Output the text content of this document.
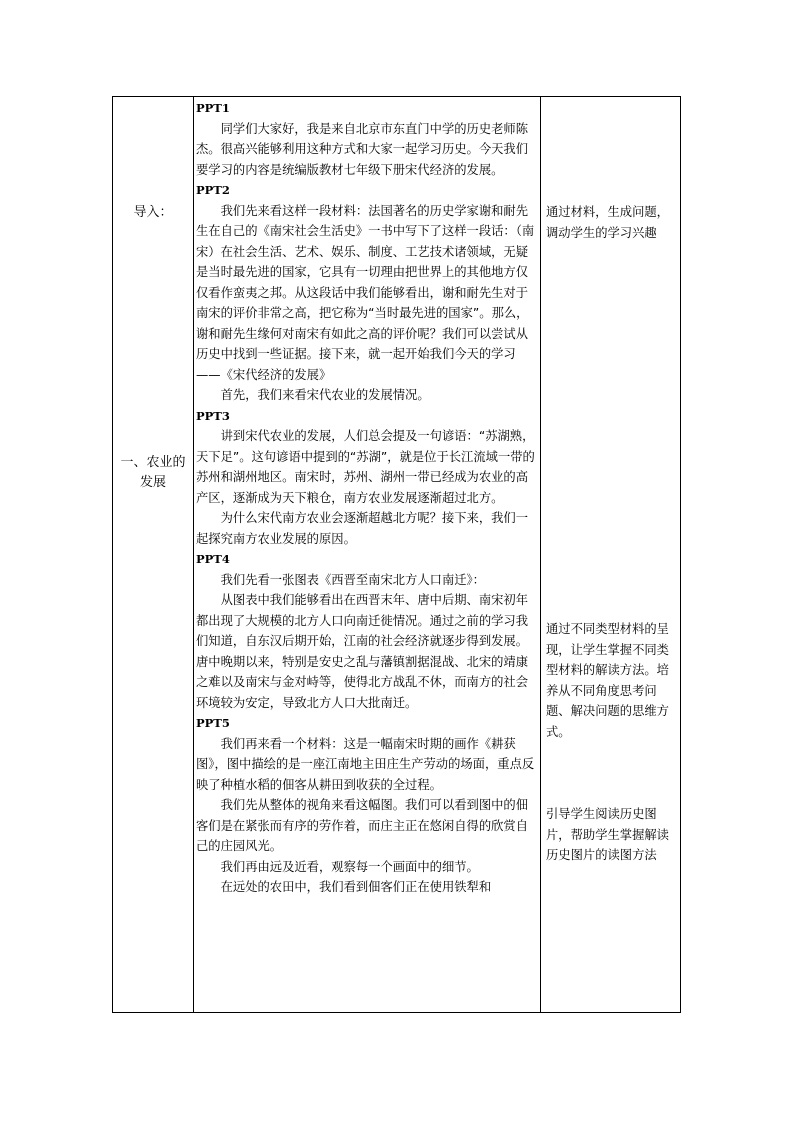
导入：
一、农业的发展

PPT1

同学们大家好，我是来自北京市东直门中学的历史老师陈杰。很高兴能够利用这种方式和大家一起学习历史。今天我们要学习的内容是统编版教材七年级下册宋代经济的发展。

PPT2

我们先来看这样一段材料：法国著名的历史学家谢和耐先生在自己的《南宋社会生活史》一书中写下了这样一段话：（南宋）在社会生活、艺术、娱乐、制度、工艺技术诸领域，无疑是当时最先进的国家，它具有一切理由把世界上的其他地方仅仅看作蛮夷之邦。从这段话中我们能够看出，谢和耐先生对于南宋的评价非常之高，把它称为“当时最先进的国家”。那么，谢和耐先生缘何对南宋有如此之高的评价呢？我们可以尝试从历史中找到一些证据。接下来，就一起开始我们今天的学习——《宋代经济的发展》

首先，我们来看宋代农业的发展情况。

PPT3

讲到宋代农业的发展，人们总会提及一句谚语：“苏湖熟，天下足”。这句谚语中提到的“苏湖”，就是位于长江流域一带的苏州和湖州地区。南宋时，苏州、湖州一带已经成为农业的高产区，逐渐成为天下粮仓，南方农业发展逐渐超过北方。

为什么宋代南方农业会逐渐超越北方呢？接下来，我们一起探究南方农业发展的原因。

PPT4

我们先看一张图表《西晋至南宋北方人口南迁》：

从图表中我们能够看出在西晋末年、唐中后期、南宋初年都出现了大规模的北方人口向南迁徙情况。通过之前的学习我们知道，自东汉后期开始，江南的社会经济就逐步得到发展。唐中晚期以来，特别是安史之乱与藩镇割据混战、北宋的靖康之难以及南宋与金对峙等，使得北方战乱不休，而南方的社会环境较为安定，导致北方人口大批南迁。

PPT5

我们再来看一个材料：这是一幅南宋时期的画作《耕获图》，图中描绘的是一座江南地主田庄生产劳动的场面，重点反映了种植水稻的佃客从耕田到收获的全过程。

我们先从整体的视角来看这幅图。我们可以看到图中的佃客们是在紧张而有序的劳作着，而庄主正在悠闲自得的欣赏自己的庄园风光。

我们再由远及近看，观察每一个画面中的细节。

在远处的农田中，我们看到佃客们正在使用铁犁和

通过材料，生成问题，调动学生的学习兴趣
通过不同类型材料的呈现，让学生掌握不同类型材料的解读方法。培养从不同角度思考问题、解决问题的思维方式。
引导学生阅读历史图片，帮助学生掌握解读历史图片的读图方法
